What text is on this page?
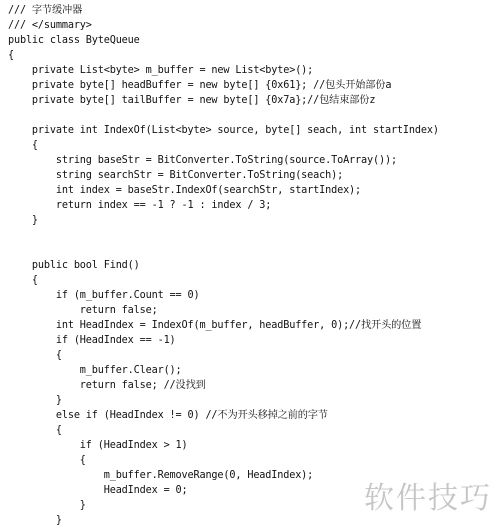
/// 字节缓冲器
/// </summary>
public class ByteQueue
{
private List<byte> m_buffer = new List<byte>();
private byte[] headBuffer = new byte[] {0x61}; //包头开始部份a
private byte[] tailBuffer = new byte[] {0x7a};//包结束部份z
private int IndexOf(List<byte> source, byte[] seach, int startIndex)
{
string baseStr = BitConverter.ToString(source.ToArray());
string searchStr = BitConverter.ToString(seach);
int index = baseStr.IndexOf(searchStr, startIndex);
return index == -1 ? -1 : index / 3;
}
public bool Find()
{
if (m_buffer.Count == 0)
return false;
int HeadIndex = IndexOf(m_buffer, headBuffer, 0);//找开头的位置
if (HeadIndex == -1)
{
m_buffer.Clear();
return false; //没找到
}
else if (HeadIndex != 0) //不为开头移掉之前的字节
{
if (HeadIndex > 1)
{
m_buffer.RemoveRange(0, HeadIndex);
HeadIndex = 0;
}
}
软件技巧
